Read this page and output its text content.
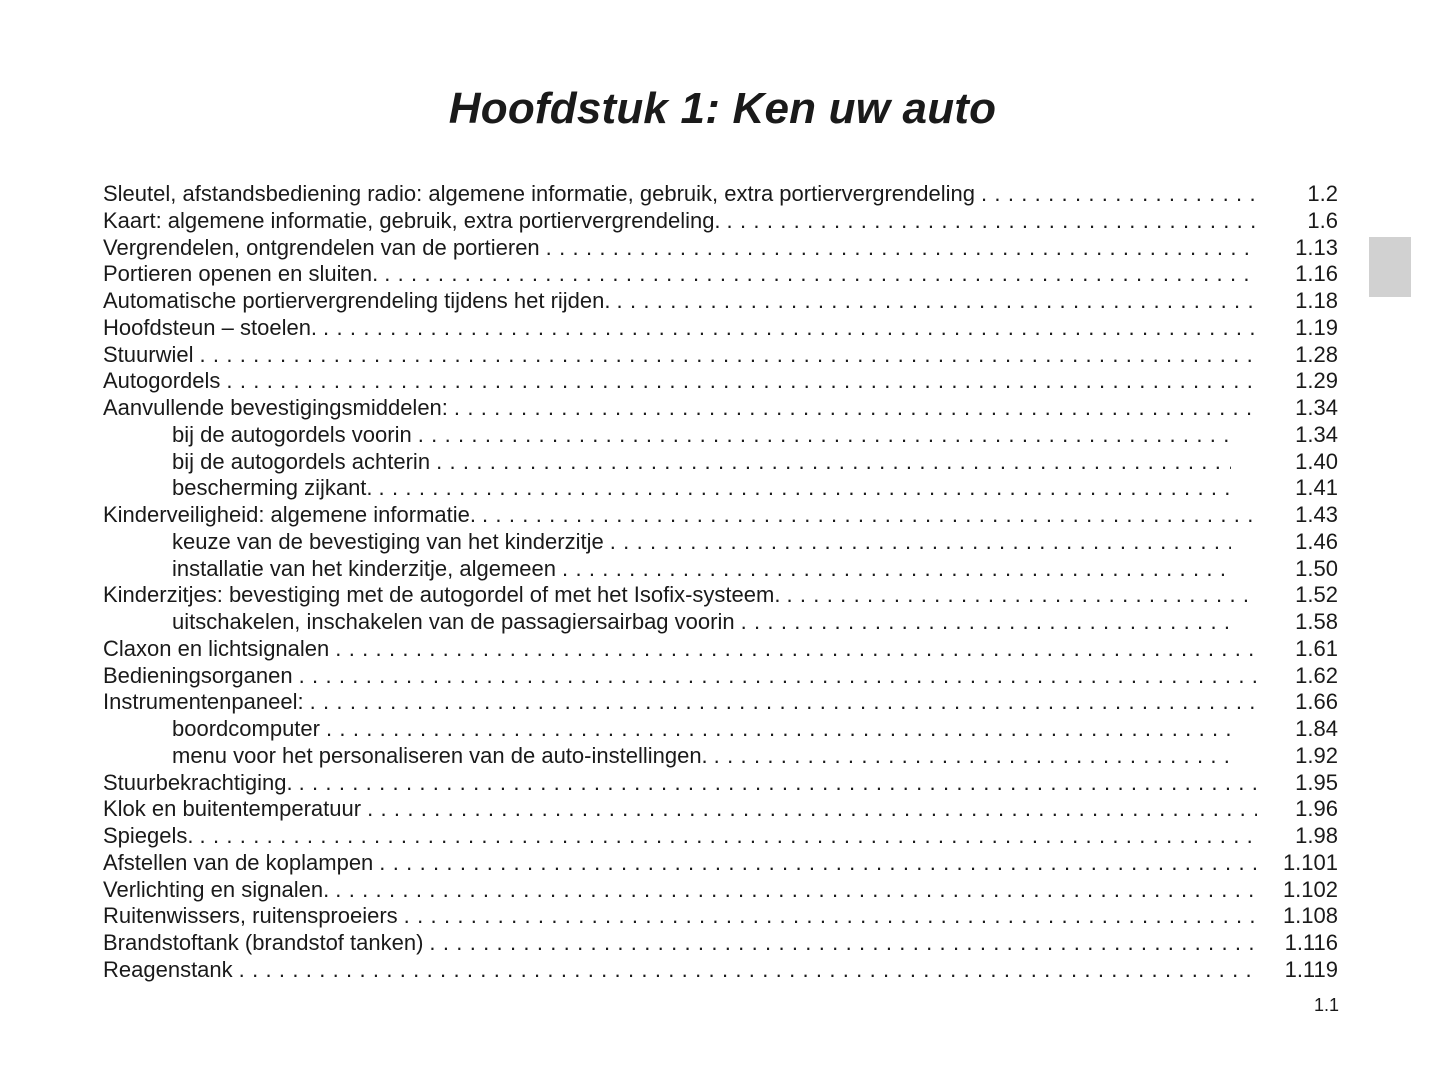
Hoofdstuk 1: Ken uw auto
Sleutel, afstandsbediening radio: algemene informatie, gebruik, extra portiervergrendeling . . .	1.2
Kaart: algemene informatie, gebruik, extra portiervergrendeling. . . .	1.6
Vergrendelen, ontgrendelen van de portieren . . .	1.13
Portieren openen en sluiten. . . .	1.16
Automatische portiervergrendeling tijdens het rijden. . . .	1.18
Hoofdsteun – stoelen. . . .	1.19
Stuurwiel . . .	1.28
Autogordels . . .	1.29
Aanvullende bevestigingsmiddelen: . . .	1.34
bij de autogordels voorin . . .	1.34
bij de autogordels achterin . . .	1.40
bescherming zijkant. . . .	1.41
Kinderveiligheid: algemene informatie. . . .	1.43
keuze van de bevestiging van het kinderzitje . . .	1.46
installatie van het kinderzitje, algemeen . . .	1.50
Kinderzitjes: bevestiging met de autogordel of met het Isofix-systeem. . . .	1.52
uitschakelen, inschakelen van de passagiersairbag voorin . . .	1.58
Claxon en lichtsignalen . . .	1.61
Bedieningsorganen . . .	1.62
Instrumentenpaneel: . . .	1.66
boordcomputer . . .	1.84
menu voor het personaliseren van de auto-instellingen. . . .	1.92
Stuurbekrachtiging. . . .	1.95
Klok en buitentemperatuur . . .	1.96
Spiegels. . . .	1.98
Afstellen van de koplampen . . .	1.101
Verlichting en signalen. . . .	1.102
Ruitenwissers, ruitensproeiers . . .	1.108
Brandstoftank (brandstof tanken) . . .	1.116
Reagenstank . . .	1.119
1.1
